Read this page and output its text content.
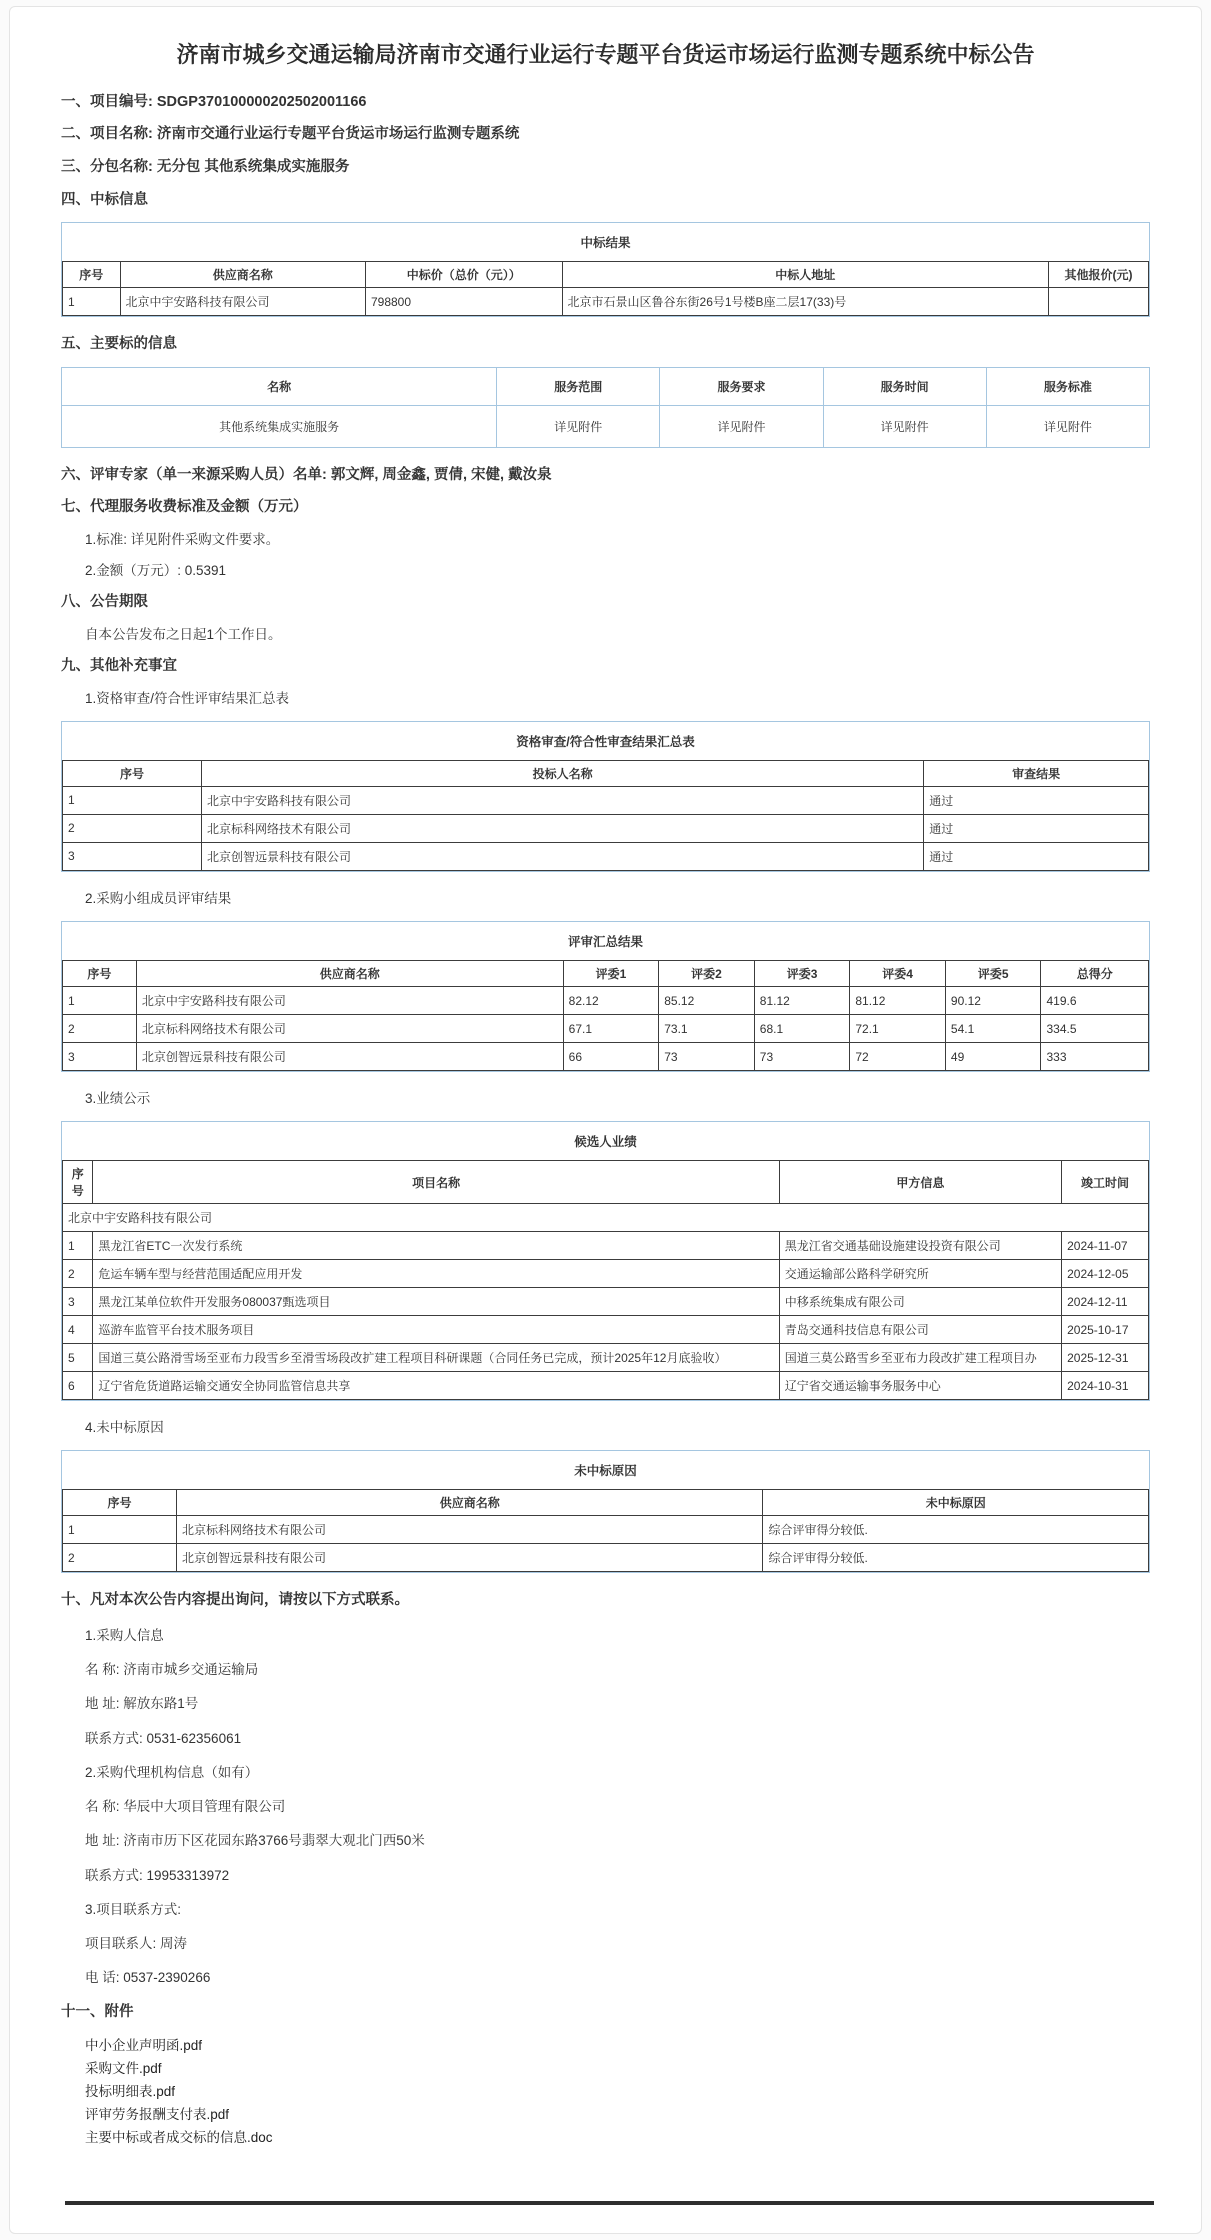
济南市城乡交通运输局济南市交通行业运行专题平台货运市场运行监测专题系统中标公告
一、项目编号: SDGP370100000202502001166
二、项目名称: 济南市交通行业运行专题平台货运市场运行监测专题系统
三、分包名称: 无分包 其他系统集成实施服务
四、中标信息
中标结果
序号	供应商名称	中标价（总价（元））	中标人地址	其他报价(元)
1	北京中宇安路科技有限公司	798800	北京市石景山区鲁谷东街26号1号楼B座二层17(33)号	
五、主要标的信息
名称	服务范围	服务要求	服务时间	服务标准
其他系统集成实施服务	详见附件	详见附件	详见附件	详见附件
六、评审专家（单一来源采购人员）名单: 郭文辉, 周金鑫, 贾倩, 宋健, 戴汝泉
七、代理服务收费标准及金额（万元）
1.标准: 详见附件采购文件要求。
2.金额（万元）: 0.5391
八、公告期限
自本公告发布之日起1个工作日。
九、其他补充事宜
1.资格审查/符合性评审结果汇总表
资格审查/符合性审查结果汇总表
序号	投标人名称	审查结果
1	北京中宇安路科技有限公司	通过
2	北京标科网络技术有限公司	通过
3	北京创智远景科技有限公司	通过
2.采购小组成员评审结果
评审汇总结果
序号	供应商名称	评委1	评委2	评委3	评委4	评委5	总得分
1	北京中宇安路科技有限公司	82.12	85.12	81.12	81.12	90.12	419.6
2	北京标科网络技术有限公司	67.1	73.1	68.1	72.1	54.1	334.5
3	北京创智远景科技有限公司	66	73	73	72	49	333
3.业绩公示
候选人业绩
序号	项目名称	甲方信息	竣工时间
北京中宇安路科技有限公司			
1	黑龙江省ETC一次发行系统	黑龙江省交通基础设施建设投资有限公司	2024-11-07
2	危运车辆车型与经营范围适配应用开发	交通运输部公路科学研究所	2024-12-05
3	黑龙江某单位软件开发服务080037甄选项目	中移系统集成有限公司	2024-12-11
4	巡游车监管平台技术服务项目	青岛交通科技信息有限公司	2025-10-17
5	国道三莫公路滑雪场至亚布力段雪乡至滑雪场段改扩建工程项目科研课题（合同任务已完成，预计2025年12月底验收）	国道三莫公路雪乡至亚布力段改扩建工程项目办	2025-12-31
6	辽宁省危货道路运输交通安全协同监管信息共享	辽宁省交通运输事务服务中心	2024-10-31
4.未中标原因
未中标原因
序号	供应商名称	未中标原因
1	北京标科网络技术有限公司	综合评审得分较低.
2	北京创智远景科技有限公司	综合评审得分较低.
十、凡对本次公告内容提出询问，请按以下方式联系。
1.采购人信息
名 称: 济南市城乡交通运输局
地 址: 解放东路1号
联系方式: 0531-62356061
2.采购代理机构信息（如有）
名 称: 华辰中大项目管理有限公司
地 址: 济南市历下区花园东路3766号翡翠大观北门西50米
联系方式: 19953313972
3.项目联系方式:
项目联系人: 周涛
电 话: 0537-2390266
十一、附件
中小企业声明函.pdf
采购文件.pdf
投标明细表.pdf
评审劳务报酬支付表.pdf
主要中标或者成交标的信息.doc
